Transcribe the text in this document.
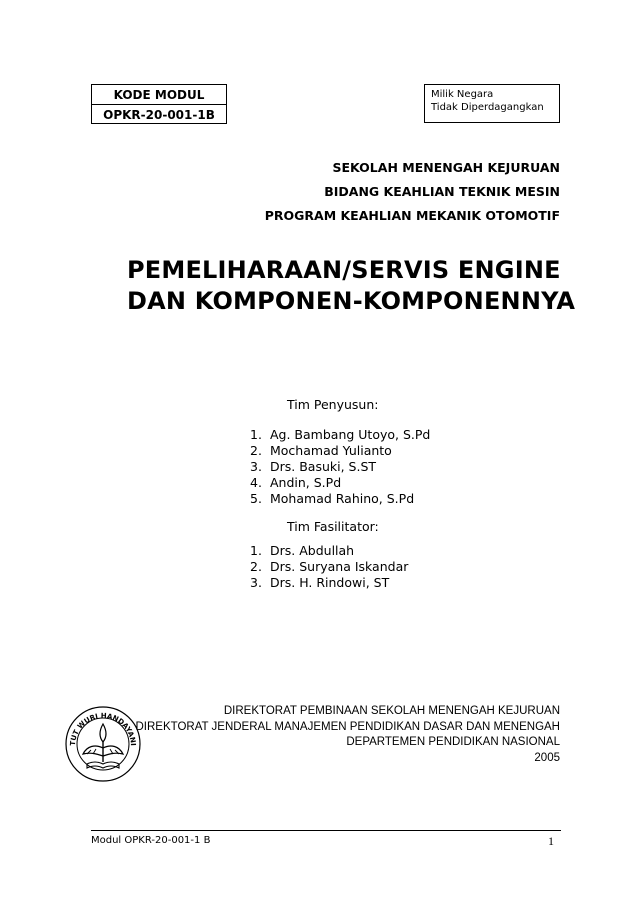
KODE MODUL
OPKR-20-001-1B
Milik Negara
Tidak Diperdagangkan
SEKOLAH MENENGAH KEJURUAN
BIDANG KEAHLIAN TEKNIK MESIN
PROGRAM KEAHLIAN MEKANIK OTOMOTIF
PEMELIHARAAN/SERVIS ENGINE
DAN KOMPONEN-KOMPONENNYA
Tim Penyusun:
1. Ag. Bambang Utoyo, S.Pd
2. Mochamad Yulianto
3. Drs. Basuki, S.ST
4. Andin, S.Pd
5. Mohamad Rahino, S.Pd
Tim Fasilitator:
1. Drs. Abdullah
2. Drs. Suryana Iskandar
3. Drs. H. Rindowi, ST
TUT WURI HANDAYANI
DIREKTORAT PEMBINAAN SEKOLAH MENENGAH KEJURUAN
DIREKTORAT JENDERAL MANAJEMEN PENDIDIKAN DASAR DAN MENENGAH
DEPARTEMEN PENDIDIKAN NASIONAL
2005
Modul OPKR-20-001-1 B	1
